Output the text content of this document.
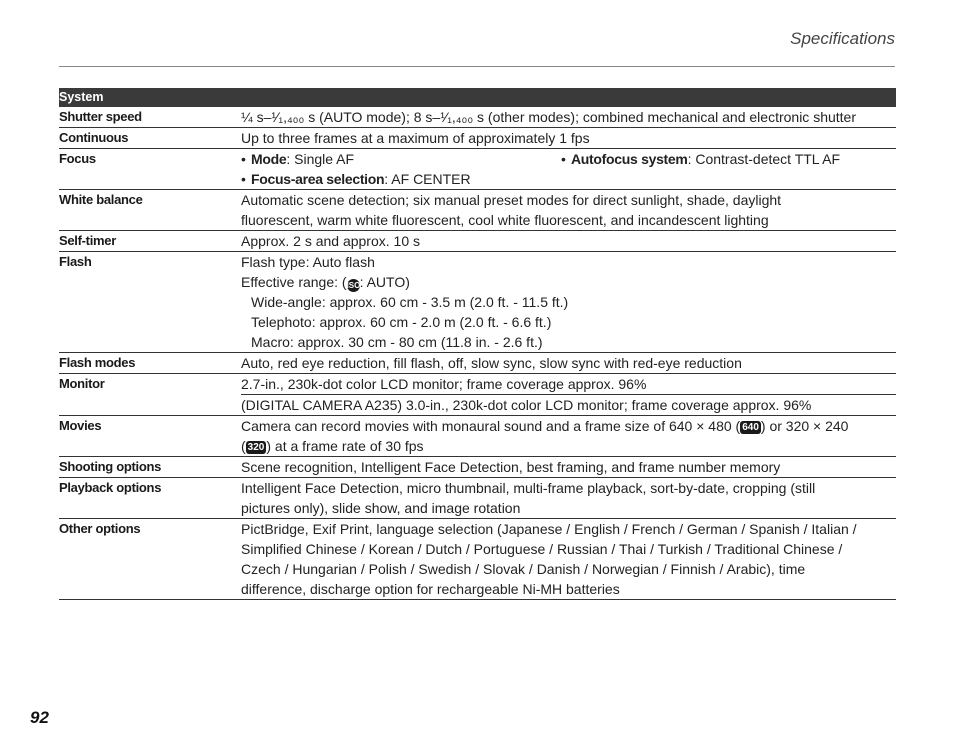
Specifications
System	
Shutter speed	¼ s–¹⁄₁,₄₀₀ s (AUTO mode); 8 s–¹⁄₁,₄₀₀ s (other modes); combined mechanical and electronic shutter
Continuous	Up to three frames at a maximum of approximately 1 fps
Focus	• Mode: Single AF • Autofocus system: Contrast-detect TTL AF
• Focus-area selection: AF CENTER

White balance	Automatic scene detection; six manual preset modes for direct sunlight, shade, daylight
fluorescent, warm white fluorescent, cool white fluorescent, and incandescent lighting

Self-timer	Approx. 2 s and approx. 10 s
Flash	Flash type: Auto flash
Effective range: (ISO: AUTO)
Wide-angle: approx. 60 cm - 3.5 m (2.0 ft. - 11.5 ft.)
Telephoto: approx. 60 cm - 2.0 m (2.0 ft. - 6.6 ft.)
Macro: approx. 30 cm - 80 cm (11.8 in. - 2.6 ft.)

Flash modes	Auto, red eye reduction, fill flash, off, slow sync, slow sync with red-eye reduction
Monitor	2.7-in., 230k-dot color LCD monitor; frame coverage approx. 96%
(DIGITAL CAMERA A235) 3.0-in., 230k-dot color LCD monitor; frame coverage approx. 96%

Movies	Camera can record movies with monaural sound and a frame size of 640 × 480 ( 640 ) or 320 × 240
( 320 ) at a frame rate of 30 fps

Shooting options	Scene recognition, Intelligent Face Detection, best framing, and frame number memory
Playback options	Intelligent Face Detection, micro thumbnail, multi-frame playback, sort-by-date, cropping (still
pictures only), slide show, and image rotation

Other options	PictBridge, Exif Print, language selection (Japanese / English / French / German / Spanish / Italian /
Simplified Chinese / Korean / Dutch / Portuguese / Russian / Thai / Turkish / Traditional Chinese /
Czech / Hungarian / Polish / Swedish / Slovak / Danish / Norwegian / Finnish / Arabic), time
difference, discharge option for rechargeable Ni-MH batteries
92
